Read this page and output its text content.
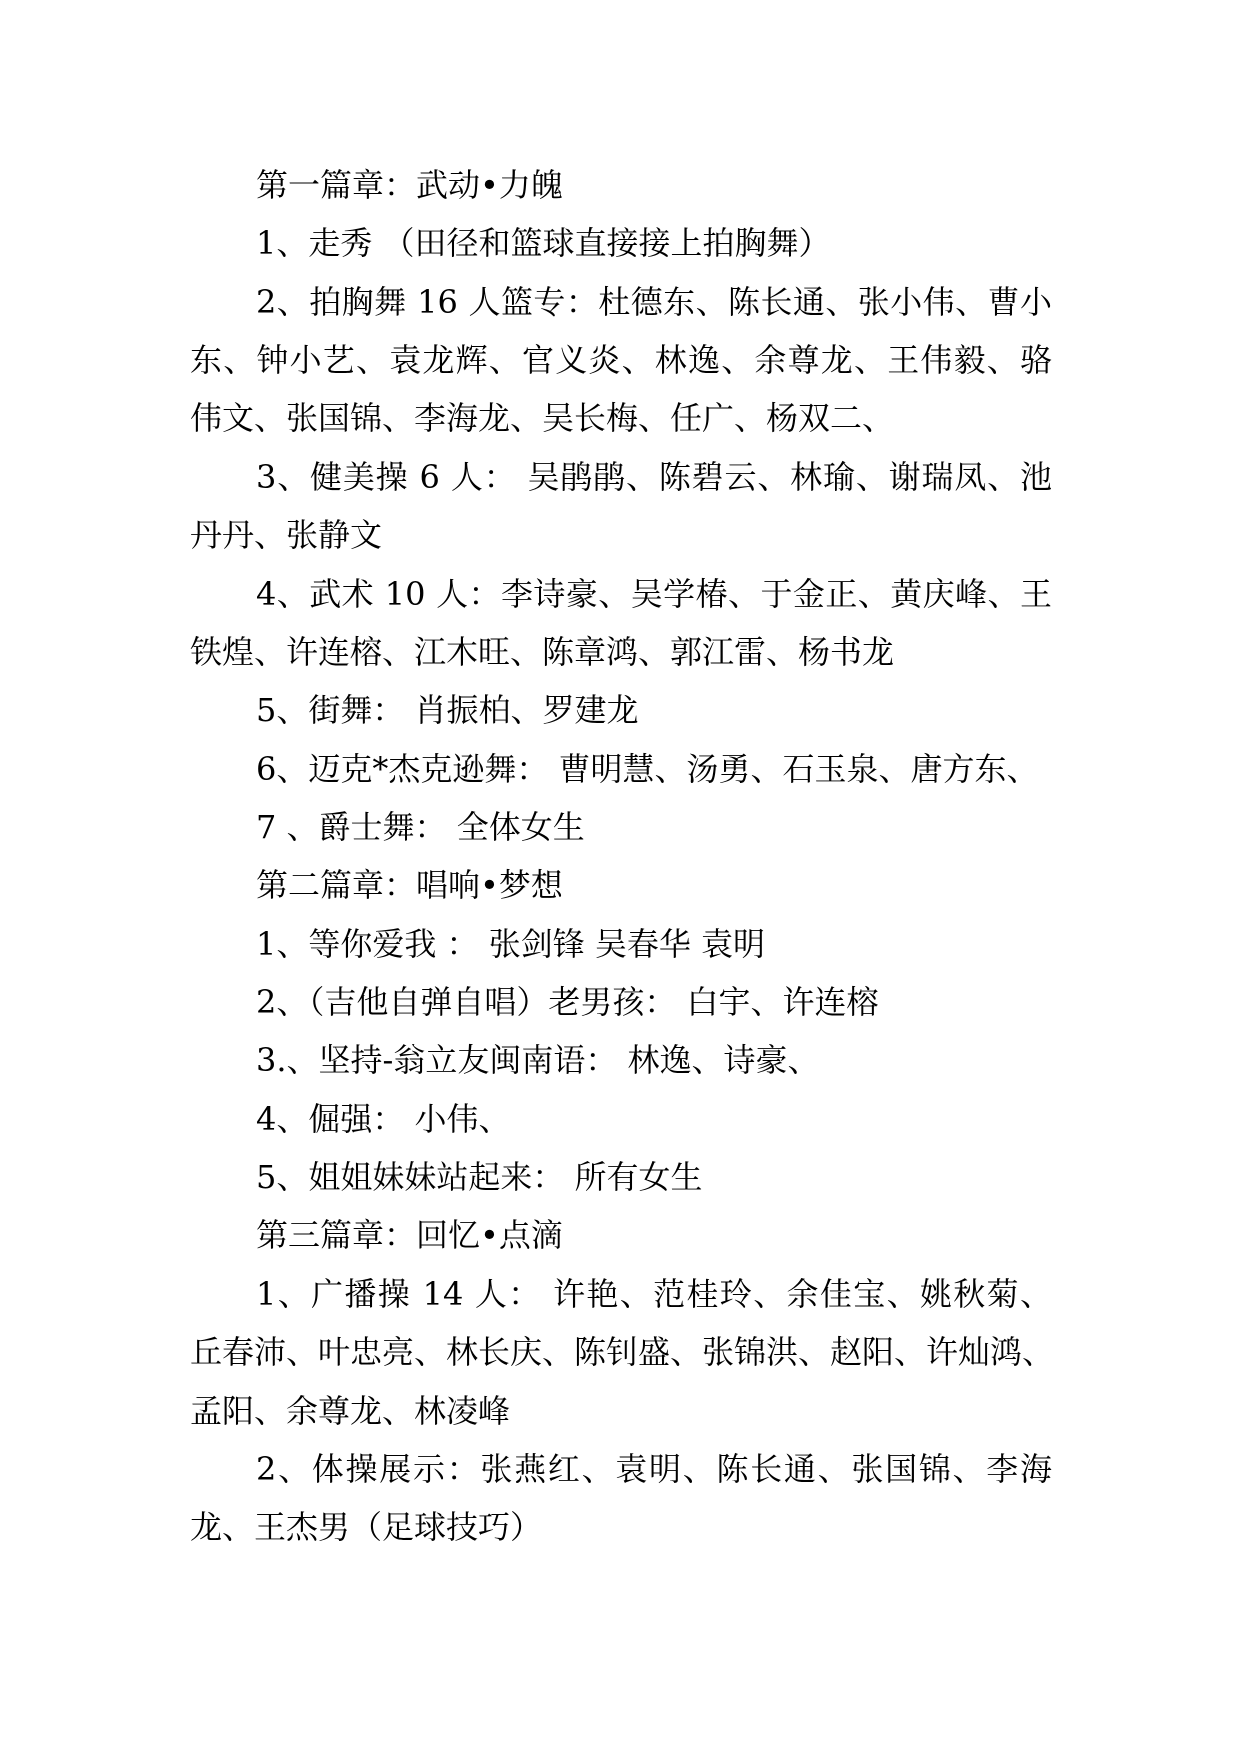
第一篇章：武动•力魄
1、走秀 （田径和篮球直接接上拍胸舞）
2、拍胸舞 16 人篮专：杜德东、陈长通、张小伟、曹小
东、钟小艺、袁龙辉、官义炎、林逸、余尊龙、王伟毅、骆
伟文、张国锦、李海龙、吴长梅、任广、杨双二、
3、健美操 6 人： 吴鹃鹃、陈碧云、林瑜、谢瑞凤、池
丹丹、张静文
4、武术 10 人：李诗豪、吴学椿、于金正、黄庆峰、王
铁煌、许连榕、江木旺、陈章鸿、郭江雷、杨书龙
5、街舞： 肖振柏、罗建龙
6、迈克*杰克逊舞： 曹明慧、汤勇、石玉泉、唐方东、
7 、爵士舞： 全体女生
第二篇章：唱响•梦想
1、等你爱我 ： 张剑锋 吴春华 袁明
2、（吉他自弹自唱）老男孩： 白宇、许连榕
3.、坚持-翁立友闽南语： 林逸、诗豪、
4、倔强： 小伟、
5、姐姐妹妹站起来： 所有女生
第三篇章：回忆•点滴
1、广播操 14 人： 许艳、范桂玲、余佳宝、姚秋菊、
丘春沛、叶忠亮、林长庆、陈钊盛、张锦洪、赵阳、许灿鸿、
孟阳、余尊龙、林凌峰
2、体操展示：张燕红、袁明、陈长通、张国锦、李海
龙、王杰男（足球技巧）
